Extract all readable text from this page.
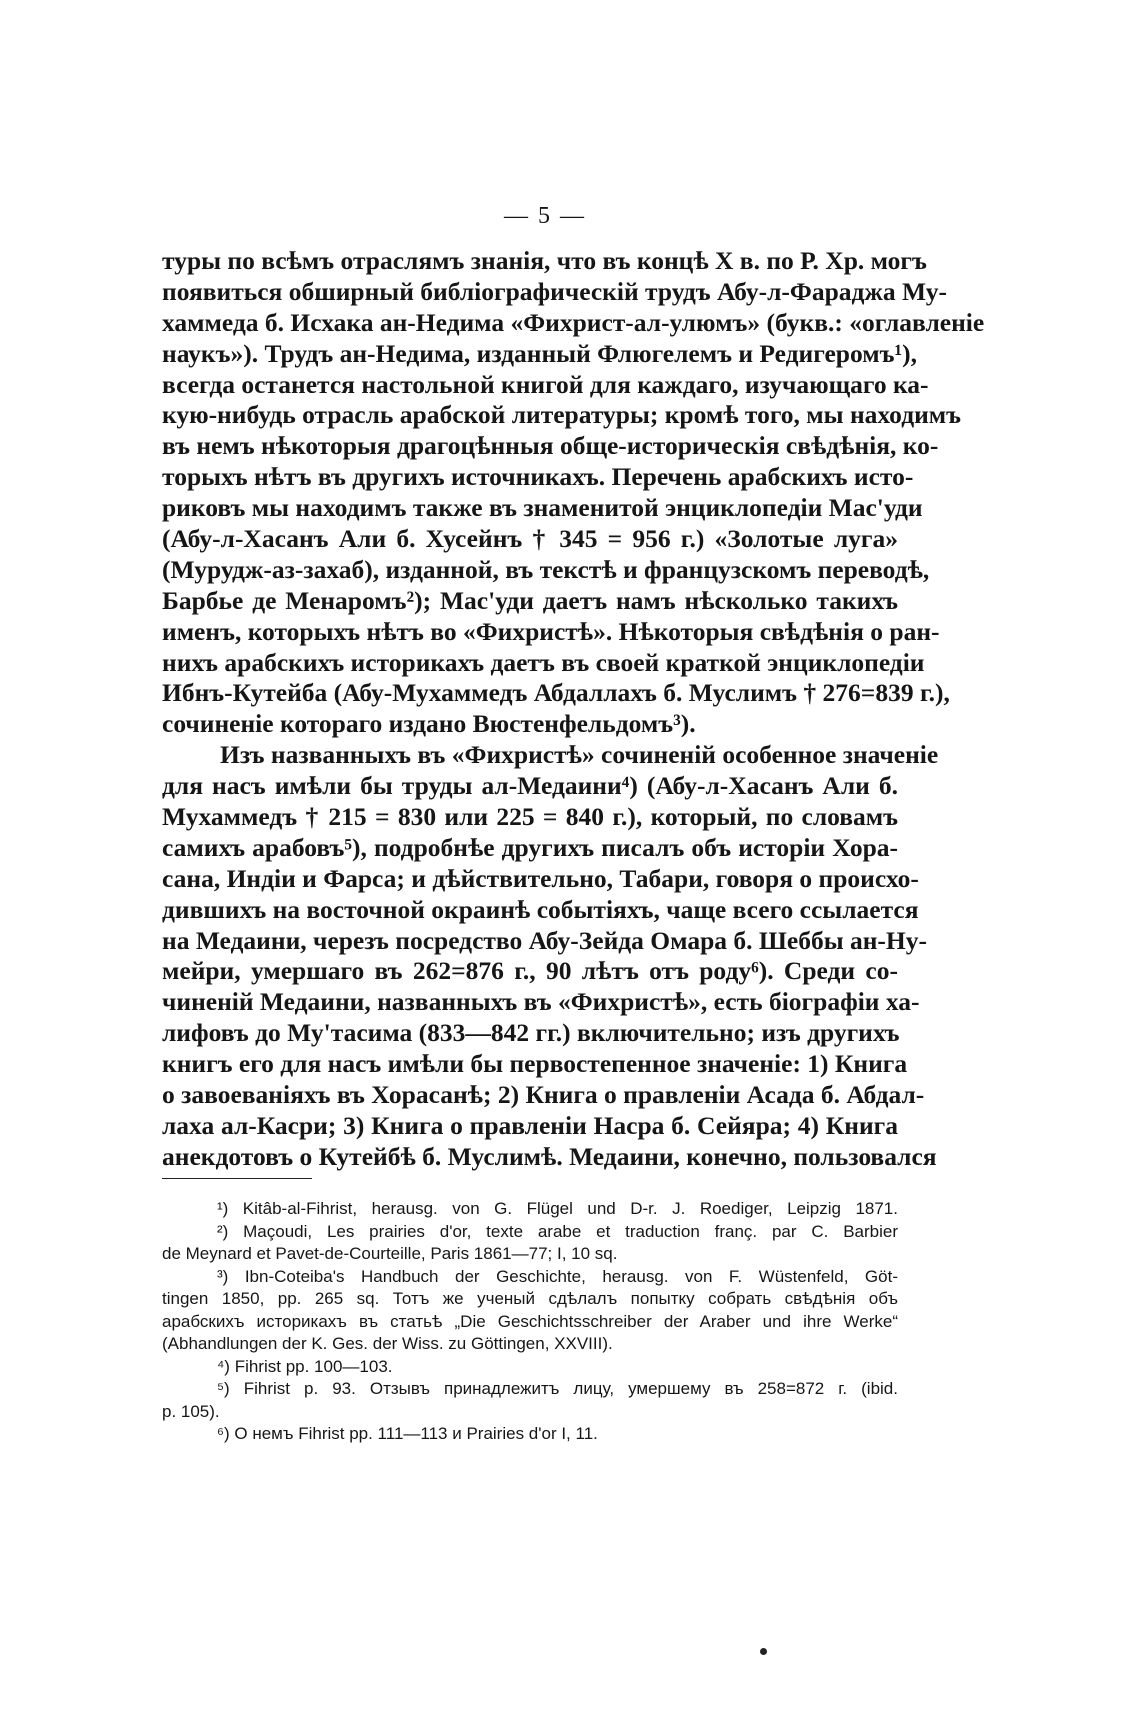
— 5 —
туры по всѣмъ отраслямъ знанія, что въ концѣ X в. по Р. Хр. могъ
появиться обширный библіографическій трудъ Абу-л-Фараджа Му-
хаммеда б. Исхака ан-Недима «Фихрист-ал-улюмъ» (букв.: «оглавленіе
наукъ»). Трудъ ан-Недима, изданный Флюгелемъ и Редигеромъ¹),
всегда останется настольной книгой для каждаго, изучающаго ка-
кую-нибудь отрасль арабской литературы; кромѣ того, мы находимъ
въ немъ нѣкоторыя драгоцѣнныя обще-историческія свѣдѣнія, ко-
торыхъ нѣтъ въ другихъ источникахъ. Перечень арабскихъ исто-
риковъ мы находимъ также въ знаменитой энциклопедіи Мас'уди
(Абу-л-Хасанъ Али б. Хусейнъ † 345 = 956 г.) «Золотые луга»
(Мурудж-аз-захаб), изданной, въ текстѣ и французскомъ переводѣ,
Барбье де Менаромъ²); Мас'уди даетъ намъ нѣсколько такихъ
именъ, которыхъ нѣтъ во «Фихристѣ». Нѣкоторыя свѣдѣнія о ран-
нихъ арабскихъ историкахъ даетъ въ своей краткой энциклопедіи
Ибнъ-Кутейба (Абу-Мухаммедъ Абдаллахъ б. Муслимъ † 276=839 г.),
сочиненіе котораго издано Вюстенфельдомъ³).
Изъ названныхъ въ «Фихристѣ» сочиненій особенное значеніе
для насъ имѣли бы труды ал-Медаини⁴) (Абу-л-Хасанъ Али б.
Мухаммедъ † 215 = 830 или 225 = 840 г.), который, по словамъ
самихъ арабовъ⁵), подробнѣе другихъ писалъ объ исторіи Хора-
сана, Индіи и Фарса; и дѣйствительно, Табари, говоря о происхо-
дившихъ на восточной окраинѣ событіяхъ, чаще всего ссылается
на Медаини, черезъ посредство Абу-Зейда Омара б. Шеббы ан-Ну-
мейри, умершаго въ 262=876 г., 90 лѣтъ отъ роду⁶). Среди со-
чиненій Медаини, названныхъ въ «Фихристѣ», есть біографіи ха-
лифовъ до Му'тасима (833—842 гг.) включительно; изъ другихъ
книгъ его для насъ имѣли бы первостепенное значеніе: 1) Книга
о завоеваніяхъ въ Хорасанѣ; 2) Книга о правленіи Асада б. Абдал-
лаха ал-Касри; 3) Книга о правленіи Насра б. Сейяра; 4) Книга
анекдотовъ о Кутейбѣ б. Муслимѣ. Медаини, конечно, пользовался
¹) Kitâb-al-Fihrist, herausg. von G. Flügel und D-r. J. Roediger, Leipzig 1871.
²) Maçoudi, Les prairies d'or, texte arabe et traduction franç. par C. Barbier
de Meynard et Pavet-de-Courteille, Paris 1861—77; I, 10 sq.
³) Ibn-Coteiba's Handbuch der Geschichte, herausg. von F. Wüstenfeld, Göt-
tingen 1850, pp. 265 sq. Тотъ же ученый сдѣлалъ попытку собрать свѣдѣнія объ
арабскихъ историкахъ въ статьѣ „Die Geschichtsschreiber der Araber und ihre Werke“
(Abhandlungen der K. Ges. der Wiss. zu Göttingen, XXVIII).
⁴) Fihrist pp. 100—103.
⁵) Fihrist p. 93. Отзывъ принадлежитъ лицу, умершему въ 258=872 г. (ibid.
p. 105).
⁶) О немъ Fihrist pp. 111—113 и Prairies d'or I, 11.
